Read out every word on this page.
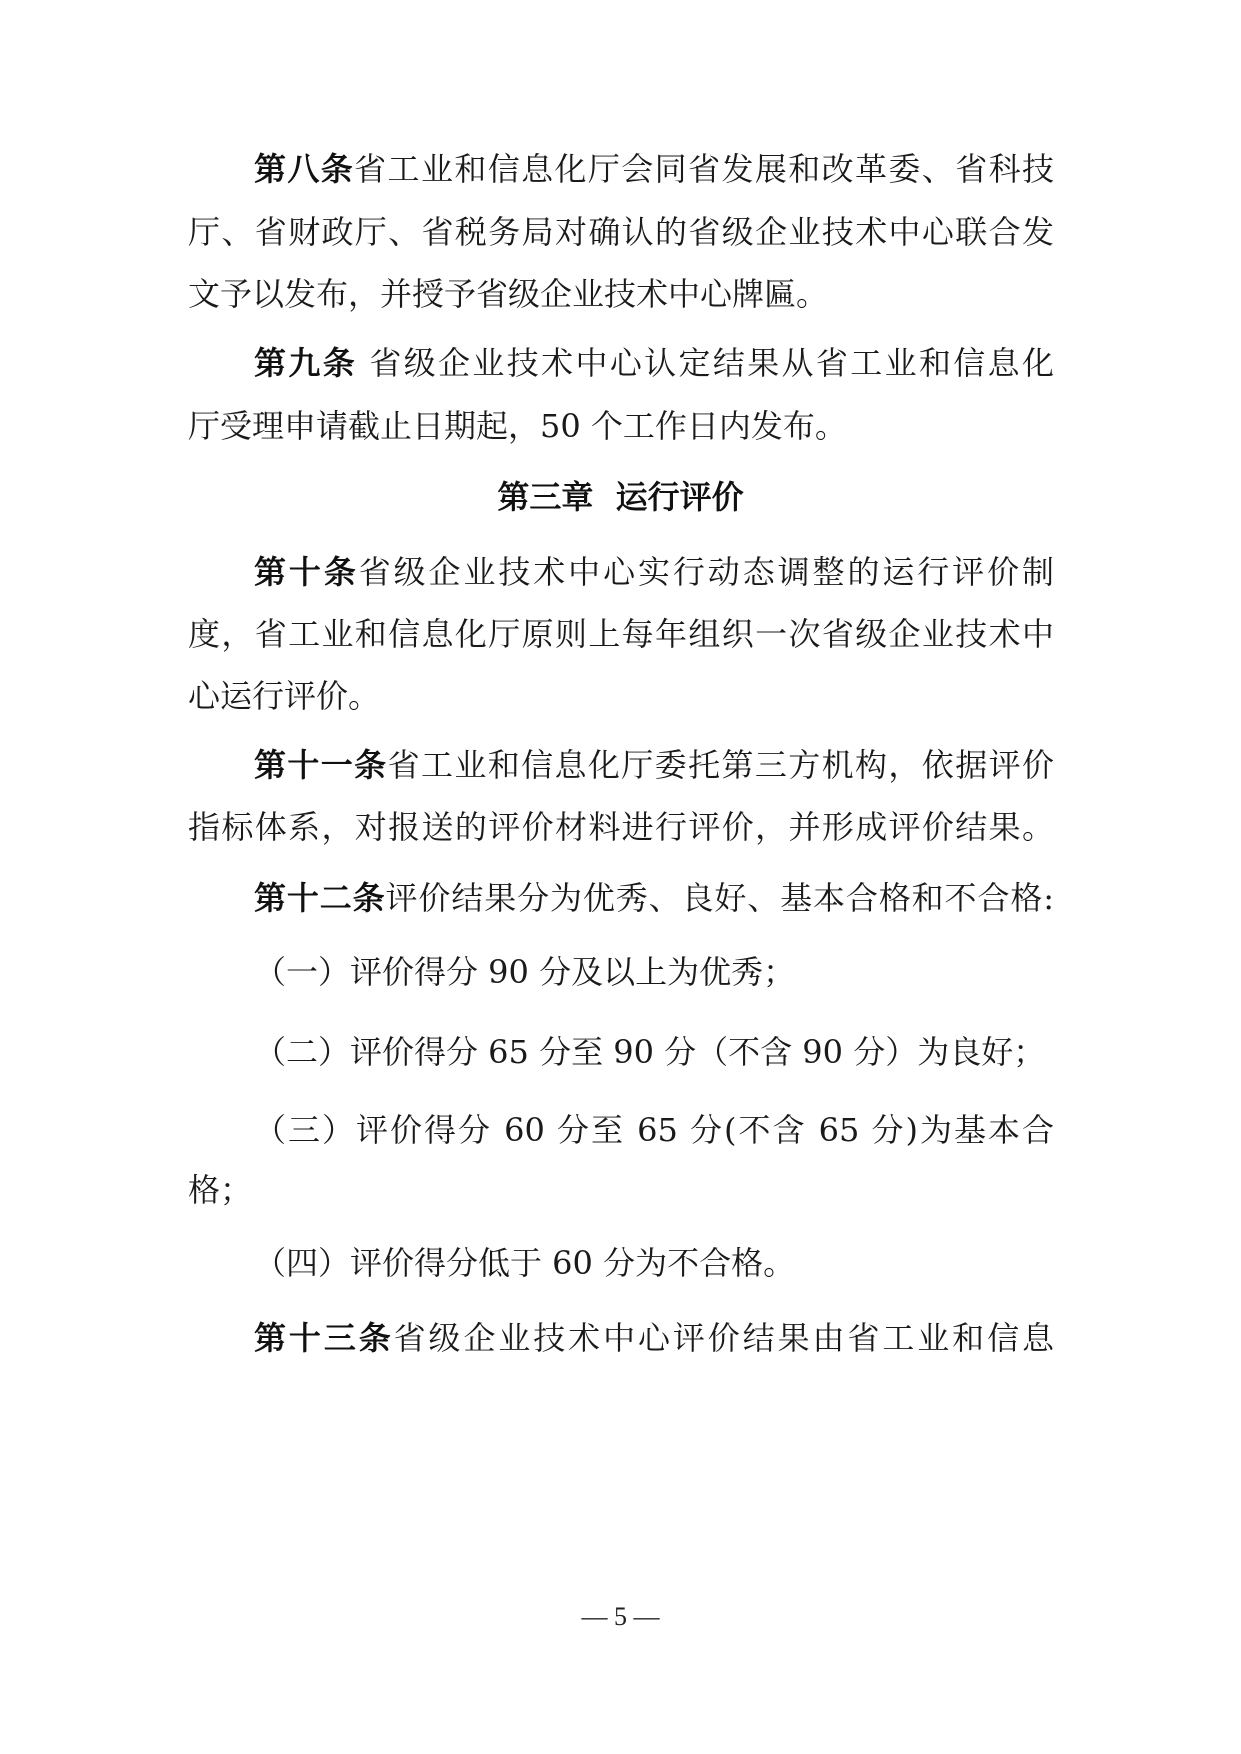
第八条省工业和信息化厅会同省发展和改革委、省科技
厅、省财政厅、省税务局对确认的省级企业技术中心联合发
文予以发布，并授予省级企业技术中心牌匾。
第九条 省级企业技术中心认定结果从省工业和信息化
厅受理申请截止日期起，50 个工作日内发布。
第三章 运行评价
第十条省级企业技术中心实行动态调整的运行评价制
度，省工业和信息化厅原则上每年组织一次省级企业技术中
心运行评价。
第十一条省工业和信息化厅委托第三方机构，依据评价
指标体系，对报送的评价材料进行评价，并形成评价结果。
第十二条评价结果分为优秀、良好、基本合格和不合格:
（一）评价得分 90 分及以上为优秀；
（二）评价得分 65 分至 90 分（不含 90 分）为良好；
（三）评价得分 60 分至 65 分(不含 65 分)为基本合
格；
（四）评价得分低于 60 分为不合格。
第十三条省级企业技术中心评价结果由省工业和信息
— 5 —
